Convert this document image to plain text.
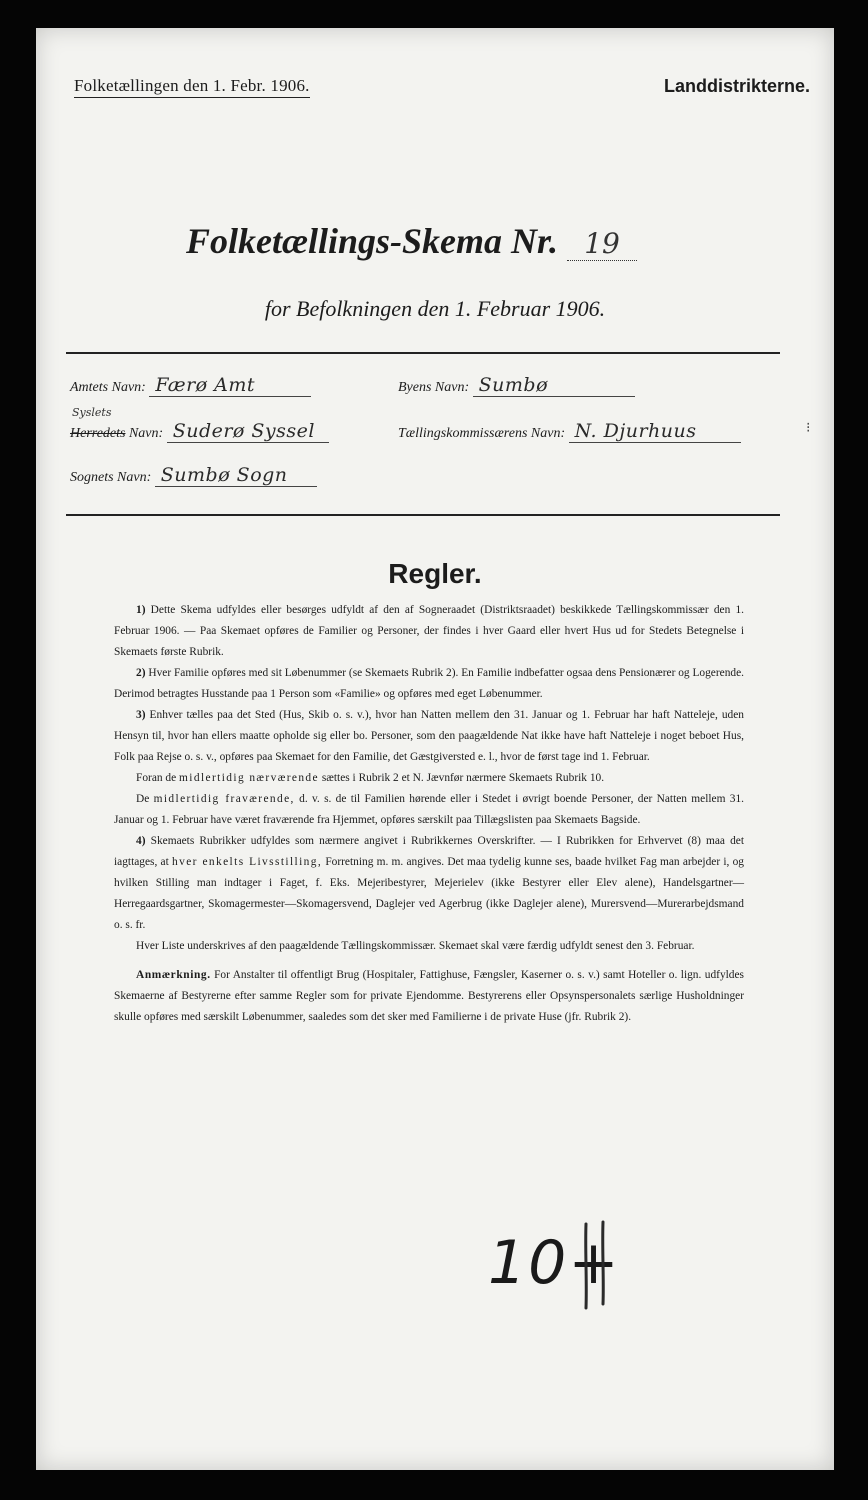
Folketællingen den 1. Febr. 1906.	Landdistrikterne.
Folketællings-Skema Nr. 19
for Befolkningen den 1. Februar 1906.
Amtets Navn: Færø Amt	Byens Navn: Sumbø
Syslets
Herredets Navn: Suderø Syssel	Tællingskommissærens Navn: N. Djurhuus	⁝
Sognets Navn: Sumbø Sogn
Regler.

1) Dette Skema udfyldes eller besørges udfyldt af den af Sogneraadet (Distriktsraadet) beskikkede Tællingskommissær den 1. Februar 1906. — Paa Skemaet opføres de Familier og Personer, der findes i hver Gaard eller hvert Hus ud for Stedets Betegnelse i Skemaets første Rubrik.

2) Hver Familie opføres med sit Løbenummer (se Skemaets Rubrik 2). En Familie indbefatter ogsaa dens Pensionærer og Logerende. Derimod betragtes Husstande paa 1 Person som «Familie» og opføres med eget Løbenummer.

3) Enhver tælles paa det Sted (Hus, Skib o. s. v.), hvor han Natten mellem den 31. Januar og 1. Februar har haft Natteleje, uden Hensyn til, hvor han ellers maatte opholde sig eller bo. Personer, som den paagældende Nat ikke have haft Natteleje i noget beboet Hus, Folk paa Rejse o. s. v., opføres paa Skemaet for den Familie, det Gæstgiversted e. l., hvor de først tage ind 1. Februar.

Foran de midlertidig nærværende sættes i Rubrik 2 et N. Jævnfør nærmere Skemaets Rubrik 10.

De midlertidig fraværende, d. v. s. de til Familien hørende eller i Stedet i øvrigt boende Personer, der Natten mellem 31. Januar og 1. Februar have været fraværende fra Hjemmet, opføres særskilt paa Tillægslisten paa Skemaets Bagside.

4) Skemaets Rubrikker udfyldes som nærmere angivet i Rubrikkernes Overskrifter. — I Rubrikken for Erhvervet (8) maa det iagttages, at hver enkelts Livsstilling, Forretning m. m. angives. Det maa tydelig kunne ses, baade hvilket Fag man arbejder i, og hvilken Stilling man indtager i Faget, f. Eks. Mejeribestyrer, Mejerielev (ikke Bestyrer eller Elev alene), Handelsgartner—Herregaardsgartner, Skomagermester—Skomagersvend, Daglejer ved Agerbrug (ikke Daglejer alene), Murersvend—Murerarbejdsmand o. s. fr.

Hver Liste underskrives af den paagældende Tællingskommissær. Skemaet skal være færdig udfyldt senest den 3. Februar.

Anmærkning. For Anstalter til offentligt Brug (Hospitaler, Fattighuse, Fængsler, Kaserner o. s. v.) samt Hoteller o. lign. udfyldes Skemaerne af Bestyrerne efter samme Regler som for private Ejendomme. Bestyrerens eller Opsynspersonalets særlige Husholdninger skulle opføres med særskilt Løbenummer, saaledes som det sker med Familierne i de private Huse (jfr. Rubrik 2).

10+
